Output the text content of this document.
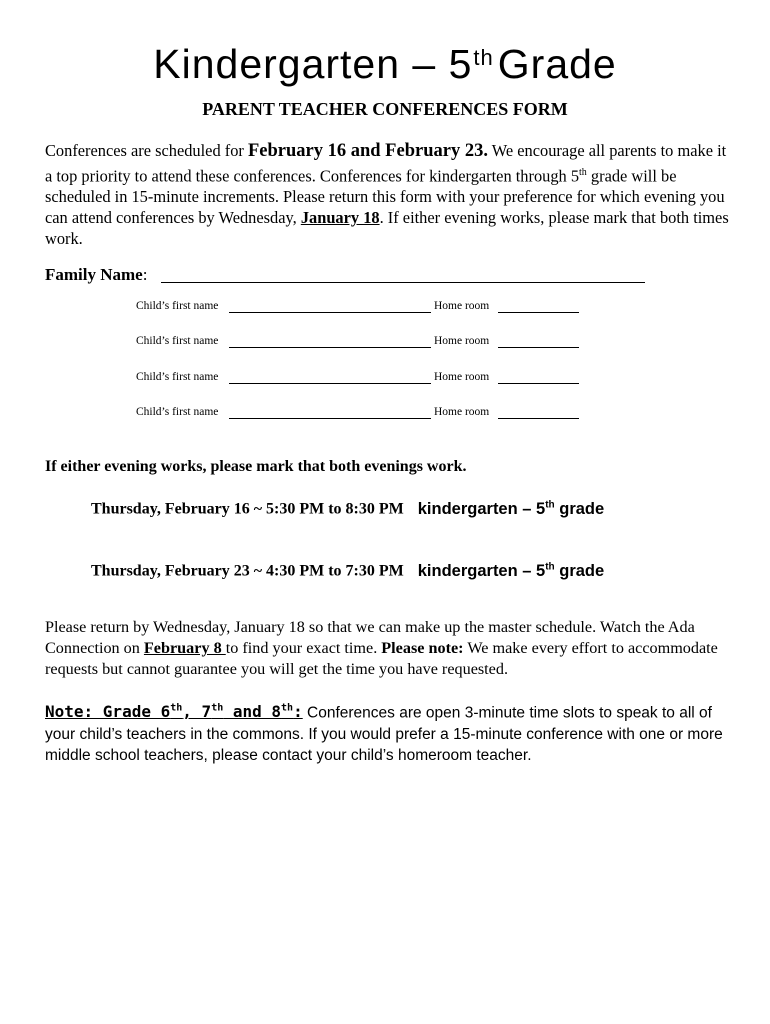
Kindergarten – 5thGrade
PARENT TEACHER CONFERENCES FORM
Conferences are scheduled for February 16 and February 23. We encourage all parents to make it a top priority to attend these conferences. Conferences for kindergarten through 5th grade will be scheduled in 15-minute increments. Please return this form with your preference for which evening you can attend conferences by Wednesday, January 18. If either evening works, please mark that both times work.
Family Name:
Child’s first name	Home room
Child’s first name	Home room
Child’s first name	Home room
Child’s first name	Home room
If either evening works, please mark that both evenings work.
Thursday, February 16 ~ 5:30 PM to 8:30 PM kindergarten – 5th grade
Thursday, February 23 ~ 4:30 PM to 7:30 PM kindergarten – 5th grade
Please return by Wednesday, January 18 so that we can make up the master schedule. Watch the Ada Connection on February 8 to find your exact time. Please note: We make every effort to accommodate requests but cannot guarantee you will get the time you have requested.
Note: Grade 6th, 7th and 8th: Conferences are open 3-minute time slots to speak to all of your child’s teachers in the commons. If you would prefer a 15-minute conference with one or more middle school teachers, please contact your child’s homeroom teacher.
